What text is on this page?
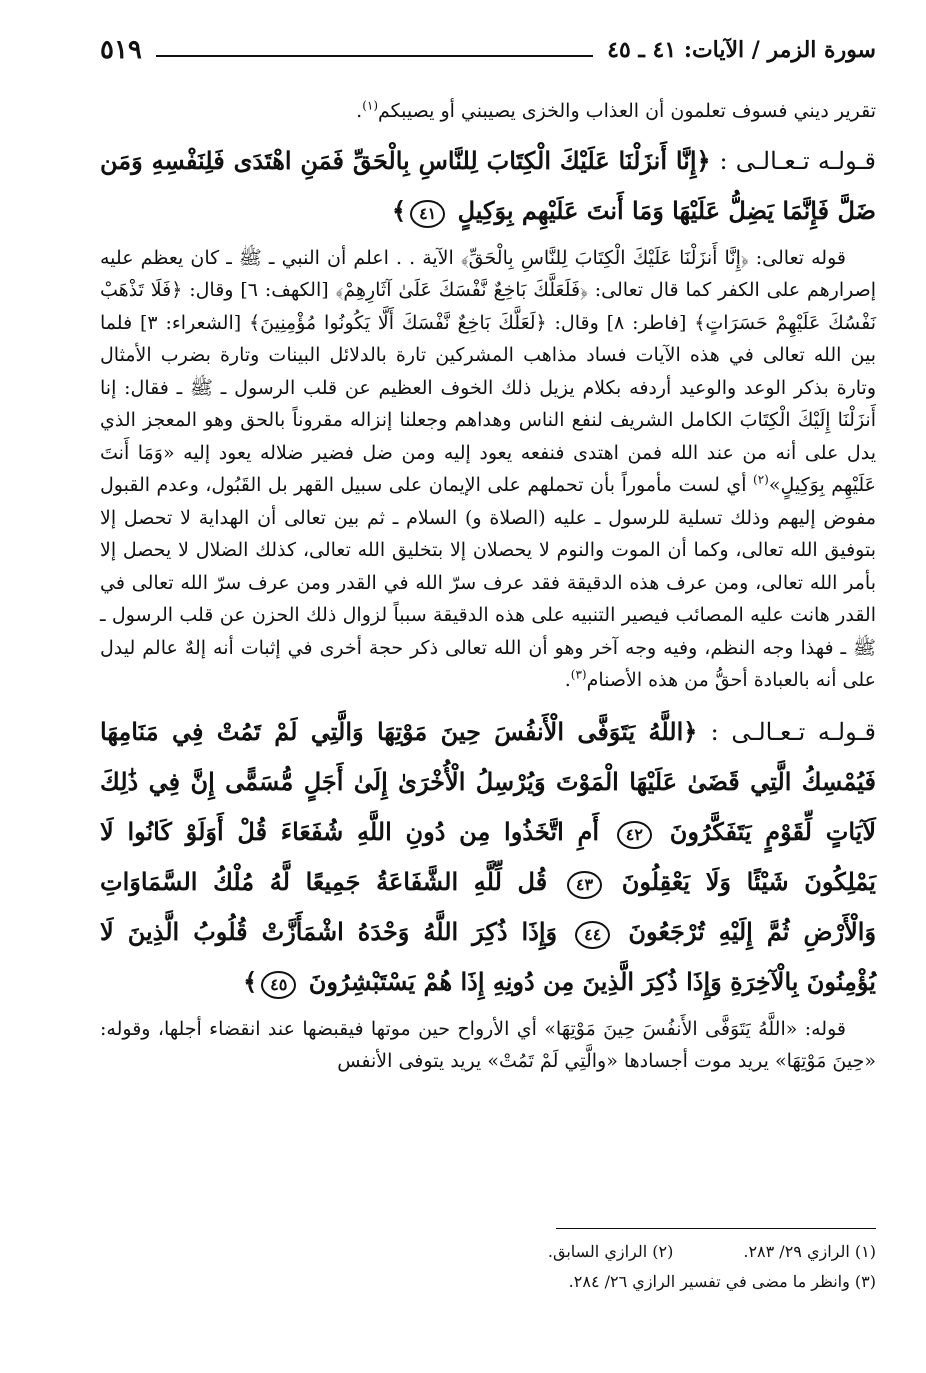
سورة الزمر / الآيات: ٤١ ـ ٤٥
٥١٩

تقرير ديني فسوف تعلمون أن العذاب والخزى يصيبني أو يصيبكم$^{(١)}$.

قـولـه تـعـالـى : ﴿إِنَّا أَنزَلْنَا عَلَيْكَ الْكِتَابَ لِلنَّاسِ بِالْحَقِّ فَمَنِ اهْتَدَى فَلِنَفْسِهِ وَمَن ضَلَّ فَإِنَّمَا يَضِلُّ عَلَيْهَا وَمَا أَنتَ عَلَيْهِم بِوَكِيلٍ ٤١﴾

قوله تعالى: ﴿إِنَّا أَنزَلْنَا عَلَيْكَ الْكِتَابَ لِلنَّاسِ بِالْحَقِّ﴾ الآية . . اعلم أن النبي ـ ﷺ ـ كان يعظم عليه إصرارهم على الكفر كما قال تعالى: ﴿فَلَعَلَّكَ بَاخِعٌ نَّفْسَكَ عَلَىٰ آثَارِهِمْ﴾ [الكهف: ٦] وقال: ﴿فَلَا تَذْهَبْ نَفْسُكَ عَلَيْهِمْ حَسَرَاتٍ﴾ [فاطر: ٨] وقال: ﴿لَعَلَّكَ بَاخِعٌ نَّفْسَكَ أَلَّا يَكُونُوا مُؤْمِنِينَ﴾ [الشعراء: ٣] فلما بين الله تعالى في هذه الآيات فساد مذاهب المشركين تارة بالدلائل البينات وتارة بضرب الأمثال وتارة بذكر الوعد والوعيد أردفه بكلام يزيل ذلك الخوف العظيم عن قلب الرسول ـ ﷺ ـ فقال: إنا أَنزَلْنَا إِلَيْكَ الْكِتَابَ الكامل الشريف لنفع الناس وهداهم وجعلنا إنزاله مقروناً بالحق وهو المعجز الذي يدل على أنه من عند الله فمن اهتدى فنفعه يعود إليه ومن ضل فضير ضلاله يعود إليه «وَمَا أَنتَ عَلَيْهِم بِوَكِيلٍ»$^{(٢)}$ أي لست مأموراً بأن تحملهم على الإيمان على سبيل القهر بل القَبُول، وعدم القبول مفوض إليهم وذلك تسلية للرسول ـ عليه (الصلاة و) السلام ـ ثم بين تعالى أن الهداية لا تحصل إلا بتوفيق الله تعالى، وكما أن الموت والنوم لا يحصلان إلا بتخليق الله تعالى، كذلك الضلال لا يحصل إلا بأمر الله تعالى، ومن عرف هذه الدقيقة فقد عرف سرّ الله في القدر ومن عرف سرّ الله تعالى في القدر هانت عليه المصائب فيصير التنبيه على هذه الدقيقة سبباً لزوال ذلك الحزن عن قلب الرسول ـ ﷺ ـ فهذا وجه النظم، وفيه وجه آخر وهو أن الله تعالى ذكر حجة أخرى في إثبات أنه إلهٌ عالم ليدل على أنه بالعبادة أحقُّ من هذه الأصنام$^{(٣)}$.

قـولـه تـعـالـى : ﴿اللَّهُ يَتَوَفَّى الْأَنفُسَ حِينَ مَوْتِهَا وَالَّتِي لَمْ تَمُتْ فِي مَنَامِهَا فَيُمْسِكُ الَّتِي قَضَىٰ عَلَيْهَا الْمَوْتَ وَيُرْسِلُ الْأُخْرَىٰ إِلَىٰ أَجَلٍ مُّسَمًّى إِنَّ فِي ذَٰلِكَ لَآيَاتٍ لِّقَوْمٍ يَتَفَكَّرُونَ ٤٢ أَمِ اتَّخَذُوا مِن دُونِ اللَّهِ شُفَعَاءَ قُلْ أَوَلَوْ كَانُوا لَا يَمْلِكُونَ شَيْئًا وَلَا يَعْقِلُونَ ٤٣ قُل لِّلَّهِ الشَّفَاعَةُ جَمِيعًا لَّهُ مُلْكُ السَّمَاوَاتِ وَالْأَرْضِ ثُمَّ إِلَيْهِ تُرْجَعُونَ ٤٤ وَإِذَا ذُكِرَ اللَّهُ وَحْدَهُ اشْمَأَزَّتْ قُلُوبُ الَّذِينَ لَا يُؤْمِنُونَ بِالْآخِرَةِ وَإِذَا ذُكِرَ الَّذِينَ مِن دُونِهِ إِذَا هُمْ يَسْتَبْشِرُونَ ٤٥﴾

قوله: «اللَّهُ يَتَوَفَّى الأَنفُسَ حِينَ مَوْتِهَا» أي الأرواح حين موتها فيقبضها عند انقضاء أجلها، وقوله: «حِينَ مَوْتِهَا» يريد موت أجسادها «والَّتِي لَمْ تَمُتْ» يريد يتوفى الأنفس

(١) الرازي ٢٩/ ٢٨٣.
(٢) الرازي السابق.
(٣) وانظر ما مضى في تفسير الرازي ٢٦/ ٢٨٤.
